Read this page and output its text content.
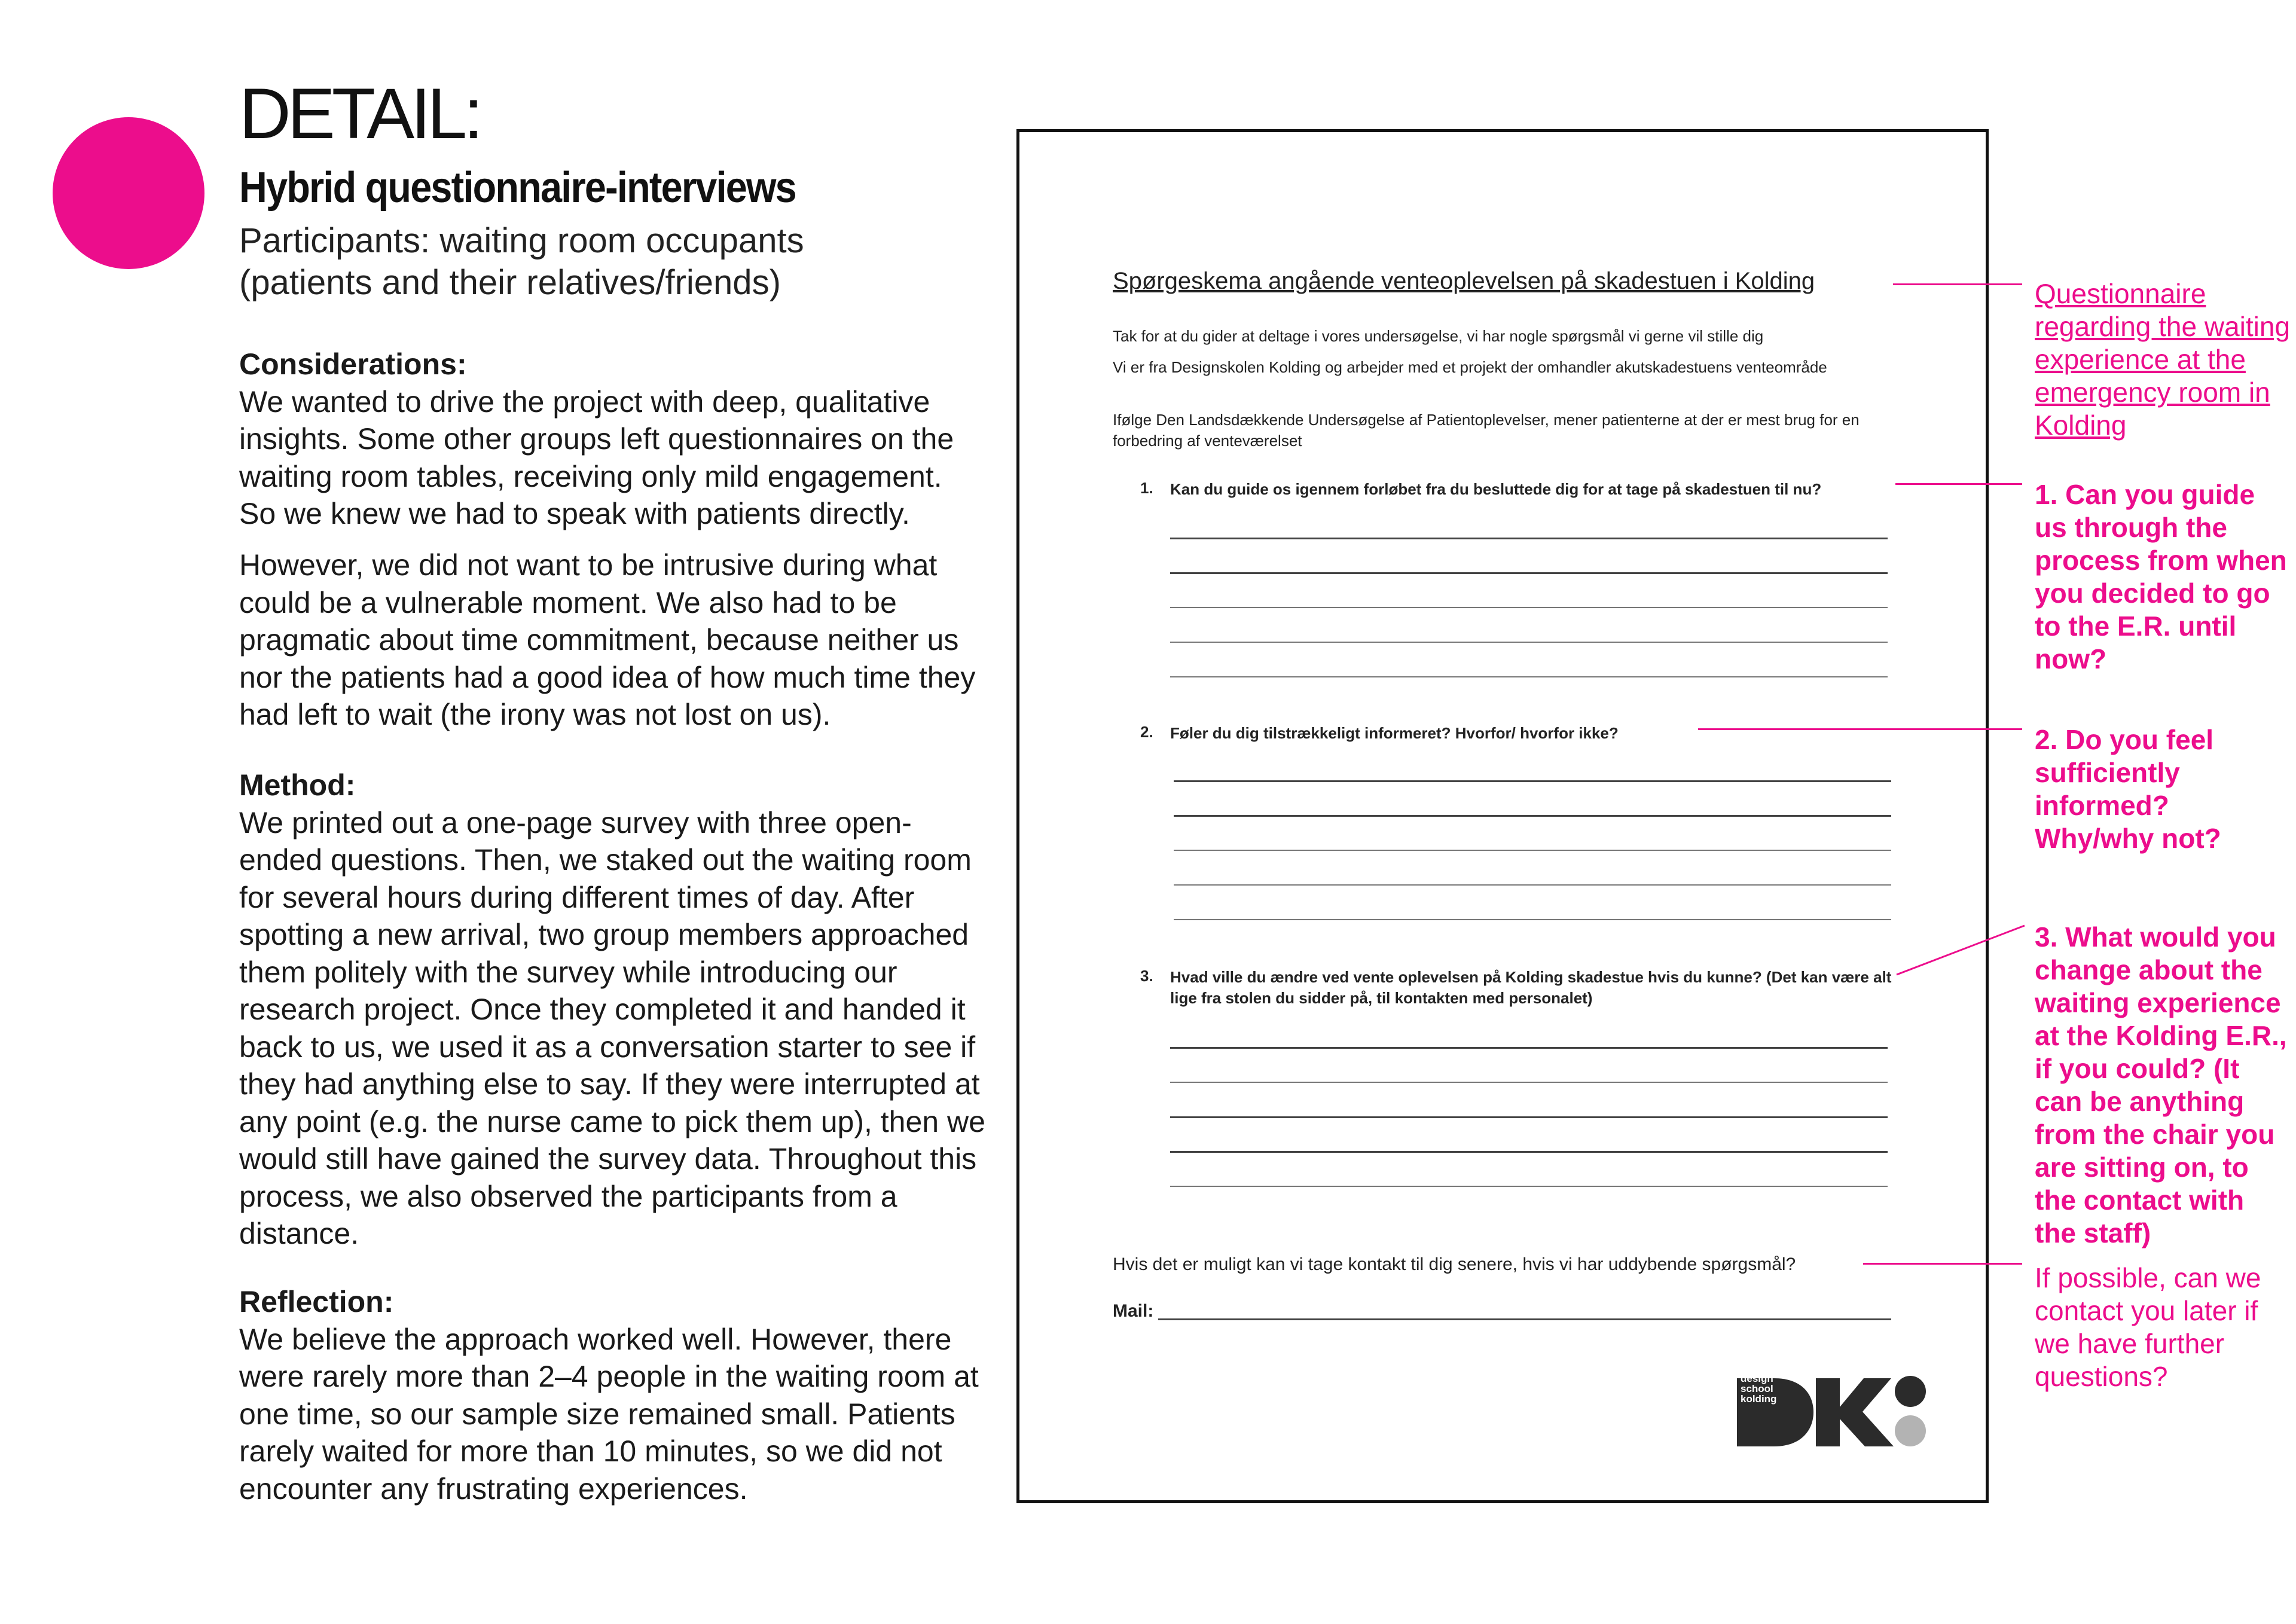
DETAIL:
Hybrid questionnaire-interviews
Participants: waiting room occupants
(patients and their relatives/friends)
Considerations:

We wanted to drive the project with deep, qualitative insights. Some other groups left questionnaires on the waiting room tables, receiving only mild engagement. So we knew we had to speak with patients directly.

However, we did not want to be intrusive during what could be a vulnerable moment. We also had to be pragmatic about time commitment, because neither us nor the patients had a good idea of how much time they had left to wait (the irony was not lost on us).

Method:

We printed out a one-page survey with three open-ended questions. Then, we staked out the waiting room for several hours during different times of day. After spotting a new arrival, two group members approached them politely with the survey while introducing our research project. Once they completed it and handed it back to us, we used it as a conversation starter to see if they had anything else to say. If they were interrupted at any point (e.g. the nurse came to pick them up), then we would still have gained the survey data. Throughout this process, we also observed the participants from a distance.

Reflection:

We believe the approach worked well. However, there were rarely more than 2–4 people in the waiting room at one time, so our sample size remained small. Patients rarely waited for more than 10 minutes, so we did not encounter any frustrating experiences.

Spørgeskema angående venteoplevelsen på skadestuen i Kolding
Tak for at du gider at deltage i vores undersøgelse, vi har nogle spørgsmål vi gerne vil stille dig
Vi er fra Designskolen Kolding og arbejder med et projekt der omhandler akutskadestuens venteområde
Ifølge Den Landsdækkende Undersøgelse af Patientoplevelser, mener patienterne at der er mest brug for en forbedring af venteværelset
1. Kan du guide os igennem forløbet fra du besluttede dig for at tage på skadestuen til nu?
2. Føler du dig tilstrækkeligt informeret? Hvorfor/ hvorfor ikke?
3. Hvad ville du ændre ved vente oplevelsen på Kolding skadestue hvis du kunne? (Det kan være alt lige fra stolen du sidder på, til kontakten med personalet)
Hvis det er muligt kan vi tage kontakt til dig senere, hvis vi har uddybende spørgsmål?
Mail:
design
school
kolding
Questionnaire regarding the waiting experience at the emergency room in Kolding
1. Can you guide us through the process from when you decided to go to the E.R. until now?
2. Do you feel sufficiently informed? Why/why not?
3. What would you change about the waiting experience at the Kolding E.R., if you could? (It can be anything from the chair you are sitting on, to the contact with the staff)
If possible, can we contact you later if we have further questions?
